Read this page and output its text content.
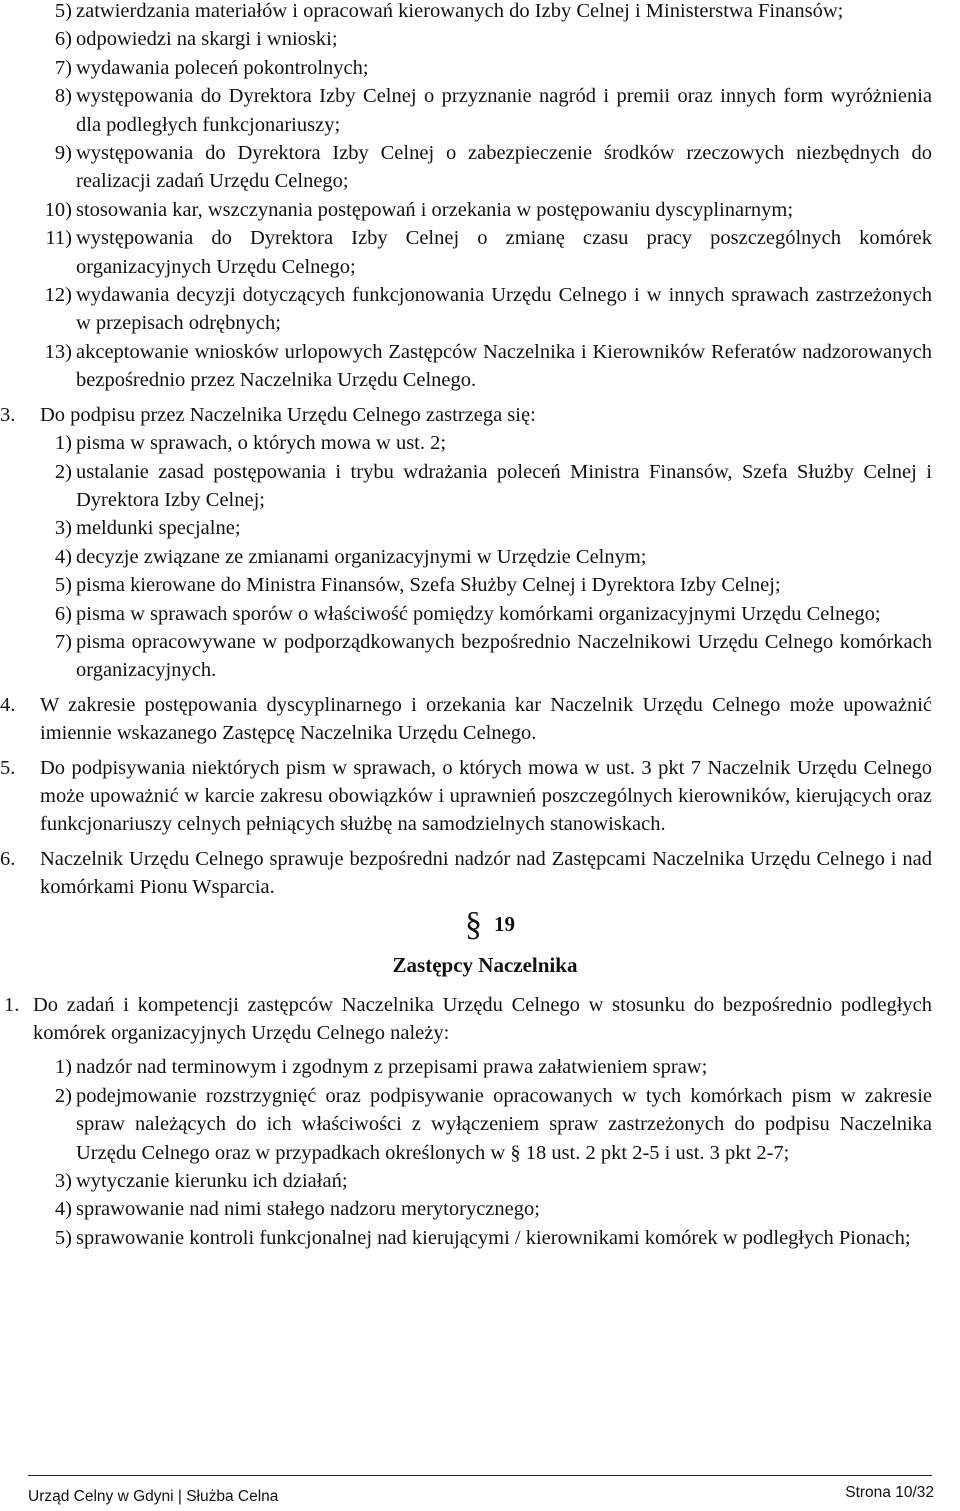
5) zatwierdzania materiałów i opracowań kierowanych do Izby Celnej i Ministerstwa Finansów;
6) odpowiedzi na skargi i wnioski;
7) wydawania poleceń pokontrolnych;
8) występowania do Dyrektora Izby Celnej o przyznanie nagród i premii oraz innych form wyróżnienia dla podległych funkcjonariuszy;
9) występowania do Dyrektora Izby Celnej o zabezpieczenie środków rzeczowych niezbędnych do realizacji zadań Urzędu Celnego;
10) stosowania kar, wszczynania postępowań i orzekania w postępowaniu dyscyplinarnym;
11) występowania do Dyrektora Izby Celnej o zmianę czasu pracy poszczególnych komórek organizacyjnych Urzędu Celnego;
12) wydawania decyzji dotyczących funkcjonowania Urzędu Celnego i w innych sprawach zastrzeżonych w przepisach odrębnych;
13) akceptowanie wniosków urlopowych Zastępców Naczelnika i Kierowników Referatów nadzorowanych bezpośrednio przez Naczelnika Urzędu Celnego.
3.	Do podpisu przez Naczelnika Urzędu Celnego zastrzega się:
1) pisma w sprawach, o których mowa w ust. 2;
2) ustalanie zasad postępowania i trybu wdrażania poleceń Ministra Finansów, Szefa Służby Celnej i Dyrektora Izby Celnej;
3) meldunki specjalne;
4) decyzje związane ze zmianami organizacyjnymi w Urzędzie Celnym;
5) pisma kierowane do Ministra Finansów, Szefa Służby Celnej i Dyrektora Izby Celnej;
6) pisma w sprawach sporów o właściwość pomiędzy komórkami organizacyjnymi Urzędu Celnego;
7) pisma opracowywane w podporządkowanych bezpośrednio Naczelnikowi Urzędu Celnego komórkach organizacyjnych.
4.	W zakresie postępowania dyscyplinarnego i orzekania kar Naczelnik Urzędu Celnego może upoważnić imiennie wskazanego Zastępcę Naczelnika Urzędu Celnego.
5.	Do podpisywania niektórych pism w sprawach, o których mowa w ust. 3 pkt 7 Naczelnik Urzędu Celnego może upoważnić w karcie zakresu obowiązków i uprawnień poszczególnych kierowników, kierujących oraz funkcjonariuszy celnych pełniących służbę na samodzielnych stanowiskach.
6.	Naczelnik Urzędu Celnego sprawuje bezpośredni nadzór nad Zastępcami Naczelnika Urzędu Celnego i nad komórkami Pionu Wsparcia.
§ 19
Zastępcy Naczelnika
1. Do zadań i kompetencji zastępców Naczelnika Urzędu Celnego w stosunku do bezpośrednio podległych komórek organizacyjnych Urzędu Celnego należy:
1) nadzór nad terminowym i zgodnym z przepisami prawa załatwieniem spraw;
2) podejmowanie rozstrzygnięć oraz podpisywanie opracowanych w tych komórkach pism w zakresie spraw należących do ich właściwości z wyłączeniem spraw zastrzeżonych do podpisu Naczelnika Urzędu Celnego oraz w przypadkach określonych w § 18 ust. 2 pkt 2-5 i ust. 3 pkt 2-7;
3) wytyczanie kierunku ich działań;
4) sprawowanie nad nimi stałego nadzoru merytorycznego;
5) sprawowanie kontroli funkcjonalnej nad kierującymi / kierownikami komórek w podległych Pionach;
Urząd Celny w Gdyni | Służba Celna	Strona 10/32
